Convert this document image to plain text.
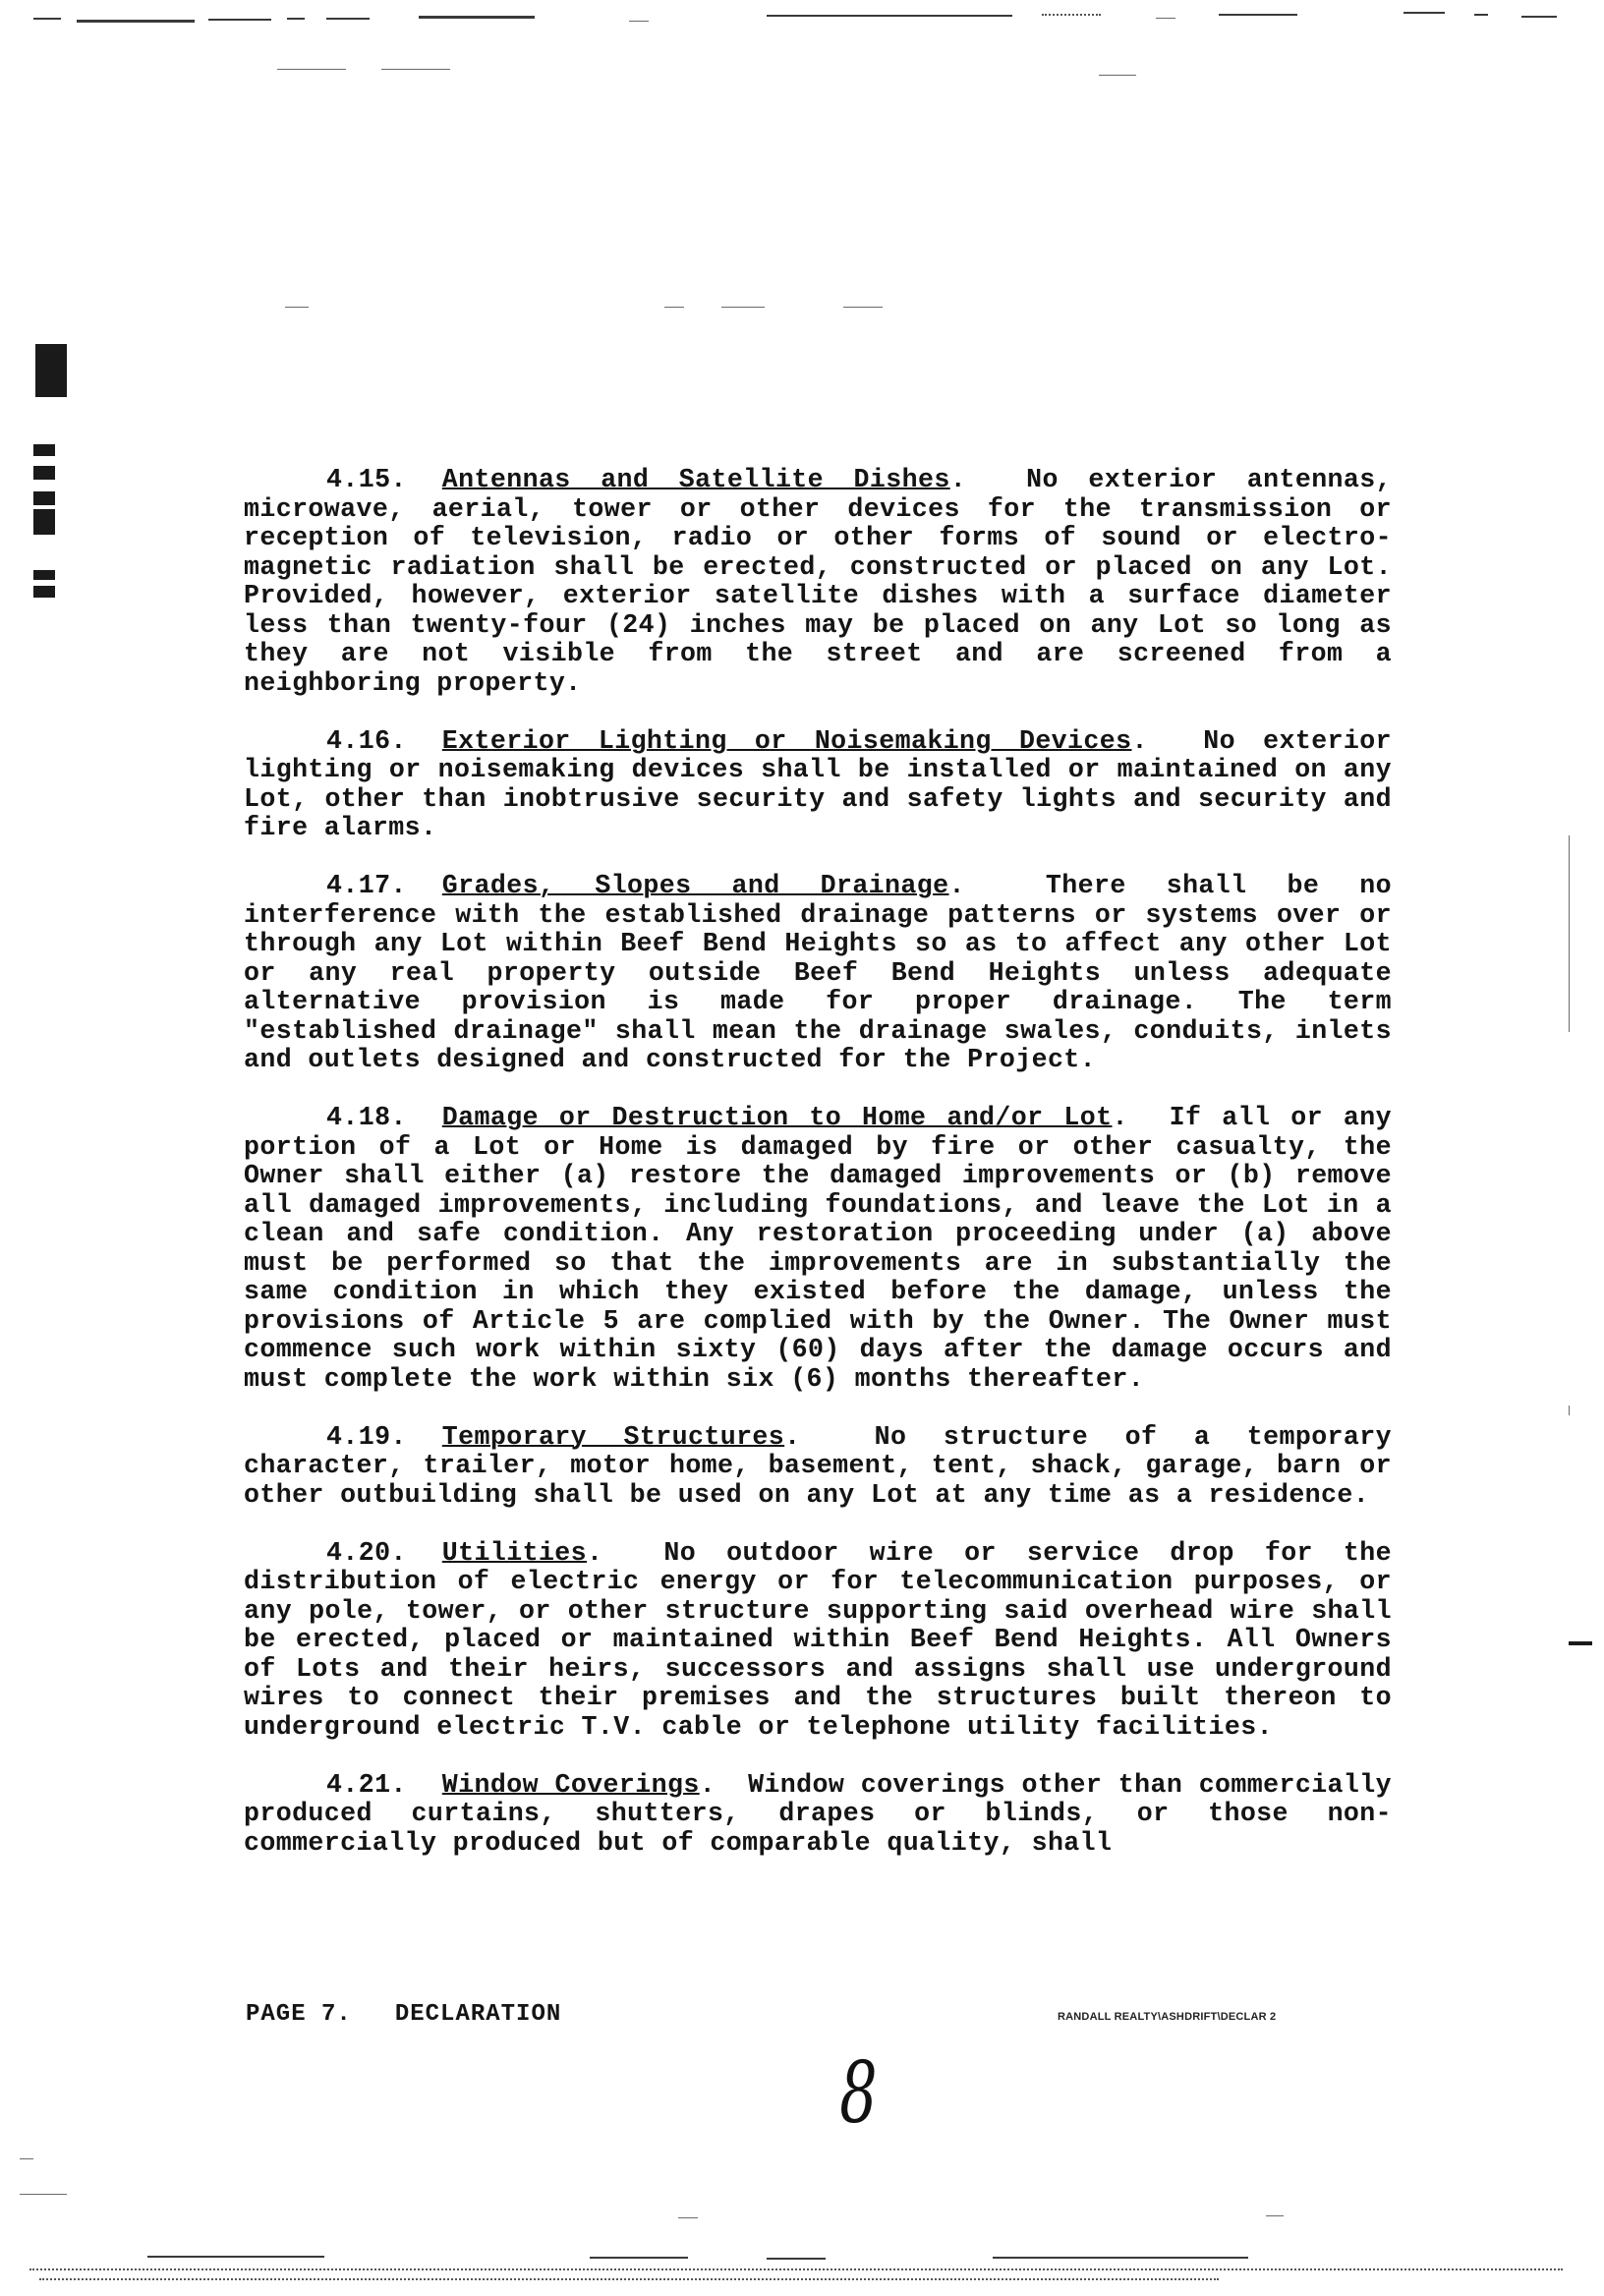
4.15. Antennas and Satellite Dishes.  No exterior antennas, microwave, aerial, tower or other devices for the transmission or reception of television, radio or other forms of sound or electro-magnetic radiation shall be erected, constructed or placed on any Lot. Provided, however, exterior satellite dishes with a surface diameter less than twenty-four (24) inches may be placed on any Lot so long as they are not visible from the street and are screened from a neighboring property.

4.16. Exterior Lighting or Noisemaking Devices.  No exterior lighting or noisemaking devices shall be installed or maintained on any Lot, other than inobtrusive security and safety lights and security and fire alarms.

4.17. Grades, Slopes and Drainage.  There shall be no interference with the established drainage patterns or systems over or through any Lot within Beef Bend Heights so as to affect any other Lot or any real property outside Beef Bend Heights unless adequate alternative provision is made for proper drainage. The term "established drainage" shall mean the drainage swales, conduits, inlets and outlets designed and constructed for the Project.

4.18. Damage or Destruction to Home and/or Lot.  If all or any portion of a Lot or Home is damaged by fire or other casualty, the Owner shall either (a) restore the damaged improvements or (b) remove all damaged improvements, including foundations, and leave the Lot in a clean and safe condition. Any restoration proceeding under (a) above must be performed so that the improvements are in substantially the same condition in which they existed before the damage, unless the provisions of Article 5 are complied with by the Owner. The Owner must commence such work within sixty (60) days after the damage occurs and must complete the work within six (6) months thereafter.

4.19. Temporary Structures.  No structure of a temporary character, trailer, motor home, basement, tent, shack, garage, barn or other outbuilding shall be used on any Lot at any time as a residence.

4.20. Utilities.  No outdoor wire or service drop for the distribution of electric energy or for telecommunication purposes, or any pole, tower, or other structure supporting said overhead wire shall be erected, placed or maintained within Beef Bend Heights. All Owners of Lots and their heirs, successors and assigns shall use underground wires to connect their premises and the structures built thereon to underground electric T.V. cable or telephone utility facilities.

4.21. Window Coverings.  Window coverings other than commercially produced curtains, shutters, drapes or blinds, or those non-commercially produced but of comparable quality, shall

PAGE 7. DECLARATION	RANDALL REALTY\ASHDRIFT\DECLAR 2
8
